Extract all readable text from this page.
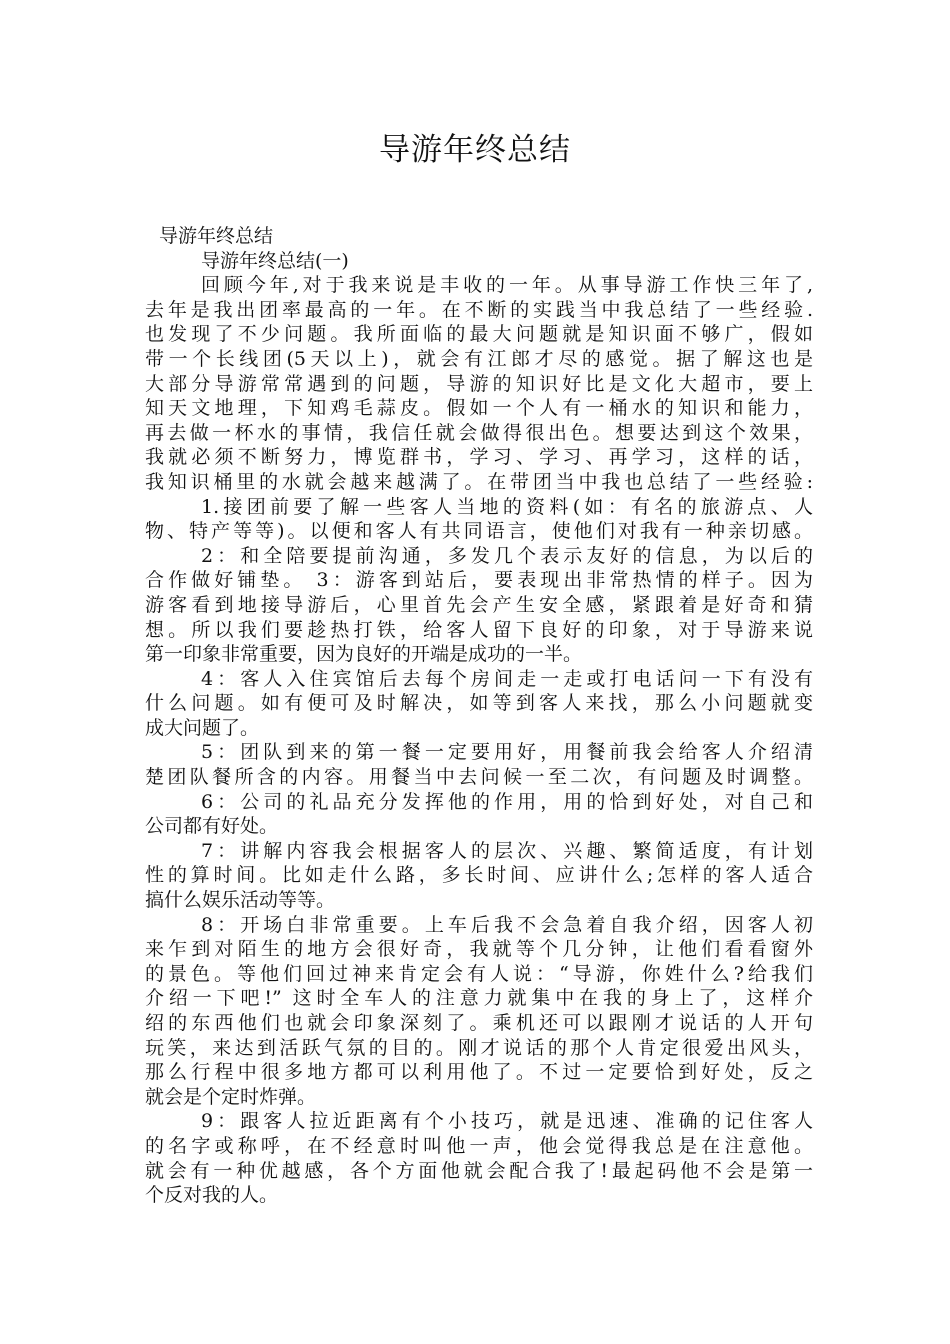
导游年终总结
导游年终总结
导游年终总结(一)
回顾今年,对于我来说是丰收的一年。从事导游工作快三年了,
去年是我出团率最高的一年。在不断的实践当中我总结了一些经验.
也发现了不少问题。我所面临的最大问题就是知识面不够广，假如
带一个长线团(5天以上)，就会有江郎才尽的感觉。据了解这也是
大部分导游常常遇到的问题，导游的知识好比是文化大超市，要上
知天文地理，下知鸡毛蒜皮。假如一个人有一桶水的知识和能力，
再去做一杯水的事情，我信任就会做得很出色。想要达到这个效果，
我就必须不断努力，博览群书，学习、学习、再学习，这样的话，
我知识桶里的水就会越来越满了。在带团当中我也总结了一些经验:
1.接团前要了解一些客人当地的资料(如：有名的旅游点、人
物、特产等等)。以便和客人有共同语言，使他们对我有一种亲切感。
2：和全陪要提前沟通，多发几个表示友好的信息，为以后的
合作做好铺垫。 3：游客到站后，要表现出非常热情的样子。因为
游客看到地接导游后，心里首先会产生安全感，紧跟着是好奇和猜
想。所以我们要趁热打铁，给客人留下良好的印象，对于导游来说
第一印象非常重要，因为良好的开端是成功的一半。
4：客人入住宾馆后去每个房间走一走或打电话问一下有没有
什么问题。如有便可及时解决，如等到客人来找，那么小问题就变
成大问题了。
5：团队到来的第一餐一定要用好，用餐前我会给客人介绍清
楚团队餐所含的内容。用餐当中去问候一至二次，有问题及时调整。
6：公司的礼品充分发挥他的作用，用的恰到好处，对自己和
公司都有好处。
7：讲解内容我会根据客人的层次、兴趣、繁简适度，有计划
性的算时间。比如走什么路，多长时间、应讲什么;怎样的客人适合
搞什么娱乐活动等等。
8：开场白非常重要。上车后我不会急着自我介绍，因客人初
来乍到对陌生的地方会很好奇，我就等个几分钟，让他们看看窗外
的景色。等他们回过神来肯定会有人说：“导游，你姓什么?给我们
介绍一下吧!” 这时全车人的注意力就集中在我的身上了，这样介
绍的东西他们也就会印象深刻了。乘机还可以跟刚才说话的人开句
玩笑，来达到活跃气氛的目的。刚才说话的那个人肯定很爱出风头，
那么行程中很多地方都可以利用他了。不过一定要恰到好处，反之
就会是个定时炸弹。
9：跟客人拉近距离有个小技巧，就是迅速、准确的记住客人
的名字或称呼，在不经意时叫他一声，他会觉得我总是在注意他。
就会有一种优越感，各个方面他就会配合我了!最起码他不会是第一
个反对我的人。
